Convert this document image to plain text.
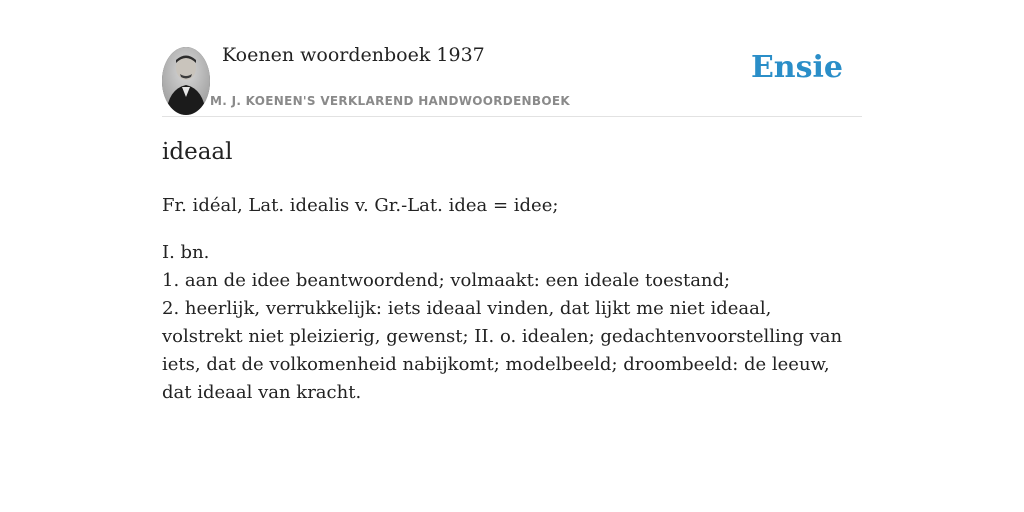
Koenen woordenboek 1937
M. J. KOENEN'S VERKLAREND HANDWOORDENBOEK
Ensie
ideaal
Fr. idéal, Lat. idealis v. Gr.-Lat. idea = idee;
I. bn.
1. aan de idee beantwoordend; volmaakt: een ideale toestand;
2. heerlijk, verrukkelijk: iets ideaal vinden, dat lijkt me niet ideaal, volstrekt niet pleizierig, gewenst; II. o. idealen; gedachtenvoorstelling van iets, dat de volkomenheid nabijkomt; modelbeeld; droombeeld: de leeuw, dat ideaal van kracht.
